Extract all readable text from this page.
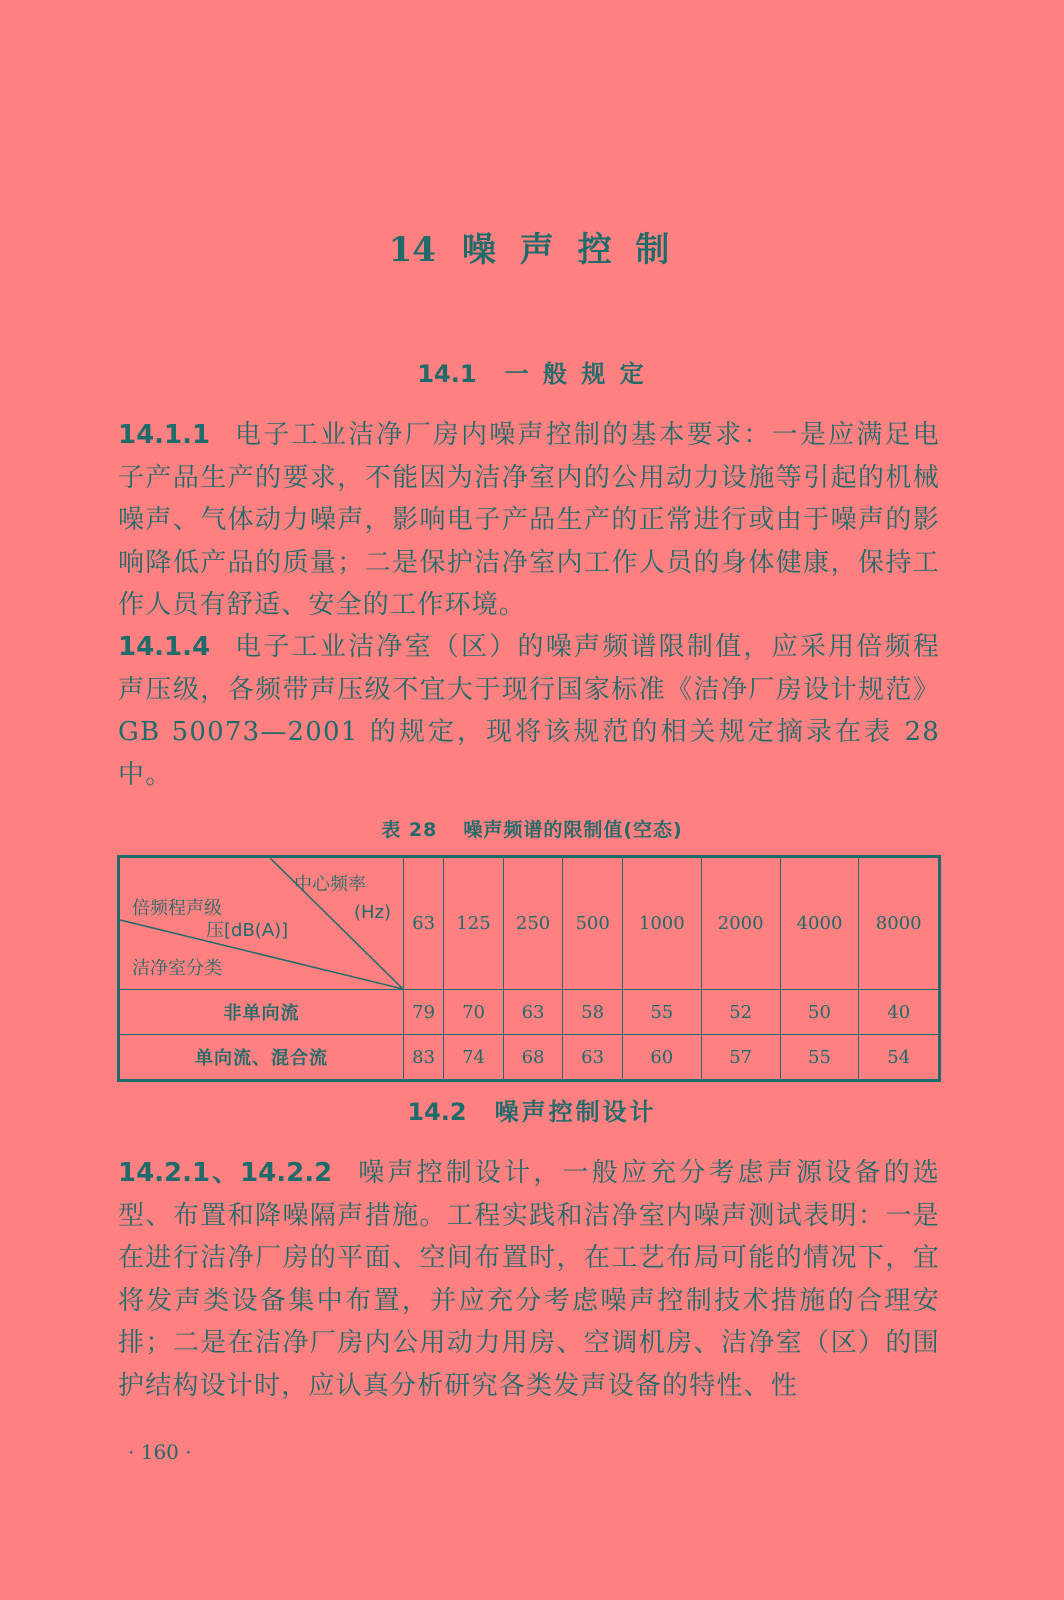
14 噪 声 控 制
14.1 一 般 规 定
14.1.1 电子工业洁净厂房内噪声控制的基本要求：一是应满足电子产品生产的要求，不能因为洁净室内的公用动力设施等引起的机械噪声、气体动力噪声，影响电子产品生产的正常进行或由于噪声的影响降低产品的质量；二是保护洁净室内工作人员的身体健康，保持工作人员有舒适、安全的工作环境。
14.1.4 电子工业洁净室（区）的噪声频谱限制值，应采用倍频程声压级，各频带声压级不宜大于现行国家标准《洁净厂房设计规范》GB 50073—2001 的规定，现将该规范的相关规定摘录在表 28 中。
表 28 噪声频谱的限制值(空态)
中心频率
(Hz)
倍频程声级
压[dB(A)]
洁净室分类	63	125	250	500	1000	2000	4000	8000
非单向流	79	70	63	58	55	52	50	40
单向流、混合流	83	74	68	63	60	57	55	54
14.2 噪声控制设计
14.2.1、14.2.2 噪声控制设计，一般应充分考虑声源设备的选型、布置和降噪隔声措施。工程实践和洁净室内噪声测试表明：一是在进行洁净厂房的平面、空间布置时，在工艺布局可能的情况下，宜将发声类设备集中布置，并应充分考虑噪声控制技术措施的合理安排；二是在洁净厂房内公用动力用房、空调机房、洁净室（区）的围护结构设计时，应认真分析研究各类发声设备的特性、性
· 160 ·
